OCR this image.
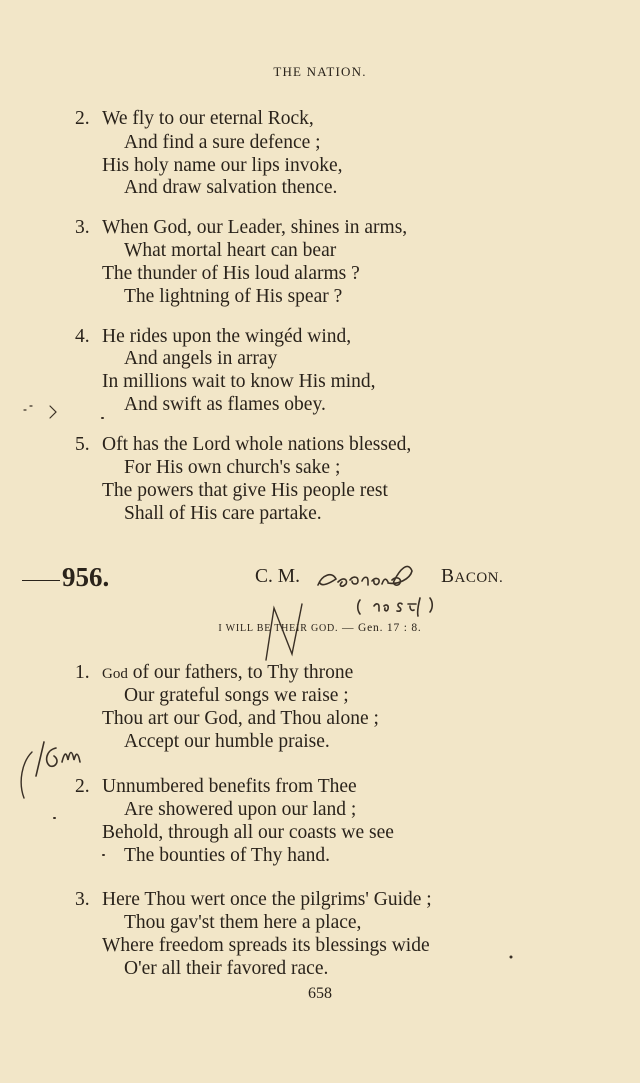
THE NATION.
2. We fly to our eternal Rock,
And find a sure defence ;
His holy name our lips invoke,
And draw salvation thence.
3. When God, our Leader, shines in arms,
What mortal heart can bear
The thunder of His loud alarms ?
The lightning of His spear ?
4. He rides upon the wingéd wind,
And angels in array
In millions wait to know His mind,
And swift as flames obey.
5. Oft has the Lord whole nations blessed,
For His own church's sake ;
The powers that give His people rest
Shall of His care partake.
956.	C. M.	BACON.
I WILL BE THEIR GOD. — Gen. 17 : 8.
1. God of our fathers, to Thy throne
Our grateful songs we raise ;
Thou art our God, and Thou alone ;
Accept our humble praise.
2. Unnumbered benefits from Thee
Are showered upon our land ;
Behold, through all our coasts we see
The bounties of Thy hand.
3. Here Thou wert once the pilgrims' Guide ;
Thou gav'st them here a place,
Where freedom spreads its blessings wide
O'er all their favored race.
658
